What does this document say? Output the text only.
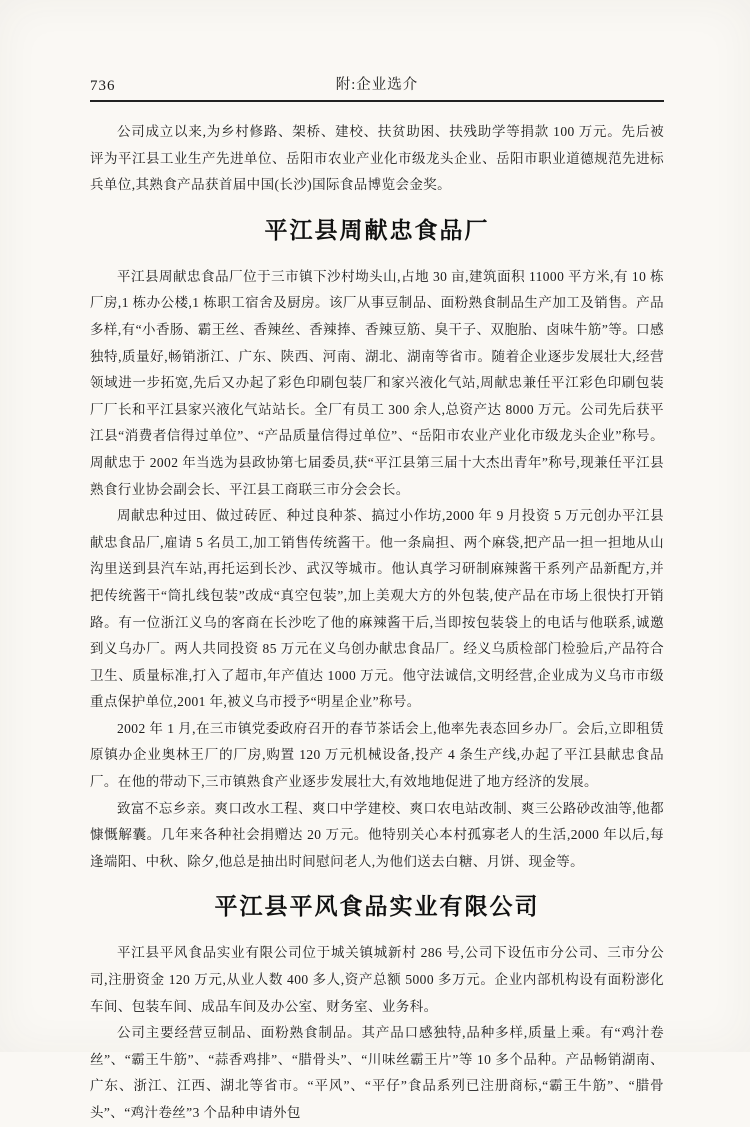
736	附:企业选介

公司成立以来,为乡村修路、架桥、建校、扶贫助困、扶残助学等捐款 100 万元。先后被评为平江县工业生产先进单位、岳阳市农业产业化市级龙头企业、岳阳市职业道德规范先进标兵单位,其熟食产品获首届中国(长沙)国际食品博览会金奖。

平江县周献忠食品厂

平江县周献忠食品厂位于三市镇下沙村坳头山,占地 30 亩,建筑面积 11000 平方米,有 10 栋厂房,1 栋办公楼,1 栋职工宿舍及厨房。该厂从事豆制品、面粉熟食制品生产加工及销售。产品多样,有“小香肠、霸王丝、香辣丝、香辣捧、香辣豆筋、臭干子、双胞胎、卤味牛筋”等。口感独特,质量好,畅销浙江、广东、陕西、河南、湖北、湖南等省市。随着企业逐步发展壮大,经营领域进一步拓宽,先后又办起了彩色印刷包装厂和家兴液化气站,周献忠兼任平江彩色印刷包装厂厂长和平江县家兴液化气站站长。全厂有员工 300 余人,总资产达 8000 万元。公司先后获平江县“消费者信得过单位”、“产品质量信得过单位”、“岳阳市农业产业化市级龙头企业”称号。周献忠于 2002 年当选为县政协第七届委员,获“平江县第三届十大杰出青年”称号,现兼任平江县熟食行业协会副会长、平江县工商联三市分会会长。

周献忠种过田、做过砖匠、种过良种茶、搞过小作坊,2000 年 9 月投资 5 万元创办平江县献忠食品厂,雇请 5 名员工,加工销售传统酱干。他一条扁担、两个麻袋,把产品一担一担地从山沟里送到县汽车站,再托运到长沙、武汉等城市。他认真学习研制麻辣酱干系列产品新配方,并把传统酱干“筒扎线包装”改成“真空包装”,加上美观大方的外包装,使产品在市场上很快打开销路。有一位浙江义乌的客商在长沙吃了他的麻辣酱干后,当即按包装袋上的电话与他联系,诚邀到义乌办厂。两人共同投资 85 万元在义乌创办献忠食品厂。经义乌质检部门检验后,产品符合卫生、质量标准,打入了超市,年产值达 1000 万元。他守法诚信,文明经营,企业成为义乌市市级重点保护单位,2001 年,被义乌市授予“明星企业”称号。

2002 年 1 月,在三市镇党委政府召开的春节茶话会上,他率先表态回乡办厂。会后,立即租赁原镇办企业奥林王厂的厂房,购置 120 万元机械设备,投产 4 条生产线,办起了平江县献忠食品厂。在他的带动下,三市镇熟食产业逐步发展壮大,有效地地促进了地方经济的发展。

致富不忘乡亲。爽口改水工程、爽口中学建校、爽口农电站改制、爽三公路砂改油等,他都慷慨解囊。几年来各种社会捐赠达 20 万元。他特别关心本村孤寡老人的生活,2000 年以后,每逢端阳、中秋、除夕,他总是抽出时间慰问老人,为他们送去白糖、月饼、现金等。

平江县平风食品实业有限公司

平江县平风食品实业有限公司位于城关镇城新村 286 号,公司下设伍市分公司、三市分公司,注册资金 120 万元,从业人数 400 多人,资产总额 5000 多万元。企业内部机构设有面粉澎化车间、包装车间、成品车间及办公室、财务室、业务科。

公司主要经营豆制品、面粉熟食制品。其产品口感独特,品种多样,质量上乘。有“鸡汁卷丝”、“霸王牛筋”、“蒜香鸡排”、“腊骨头”、“川味丝霸王片”等 10 多个品种。产品畅销湖南、广东、浙江、江西、湖北等省市。“平风”、“平仔”食品系列已注册商标,“霸王牛筋”、“腊骨头”、“鸡汁卷丝”3 个品种申请外包
